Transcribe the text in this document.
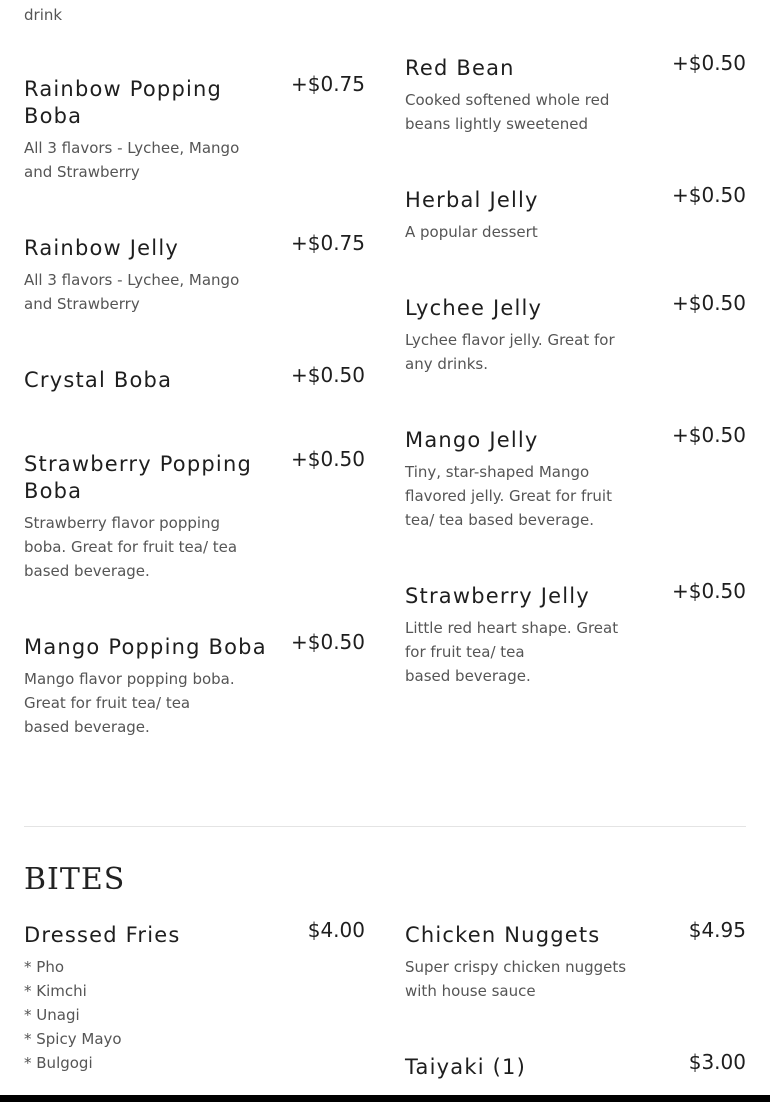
drink
Rainbow Popping Boba
+$0.75
All 3 flavors - Lychee, Mango and Strawberry
Rainbow Jelly	+$0.75
All 3 flavors - Lychee, Mango and Strawberry
Crystal Boba	+$0.50
Strawberry Popping Boba
+$0.50
Strawberry flavor popping boba. Great for fruit tea/ tea based beverage.
Mango Popping Boba	+$0.50
Mango flavor popping boba. Great for fruit tea/ tea
based beverage.
Red Bean	+$0.50
Cooked softened whole red beans lightly sweetened
Herbal Jelly	+$0.50
A popular dessert
Lychee Jelly	+$0.50
Lychee flavor jelly. Great for any drinks.
Mango Jelly	+$0.50
Tiny, star-shaped Mango flavored jelly. Great for fruit tea/ tea based beverage.
Strawberry Jelly	+$0.50
Little red heart shape. Great for fruit tea/ tea
based beverage.
BITES
Dressed Fries	$4.00
* Pho
* Kimchi
* Unagi
* Spicy Mayo
* Bulgogi
Chicken Nuggets	$4.95
Super crispy chicken nuggets with house sauce
Taiyaki (1)	$3.00
